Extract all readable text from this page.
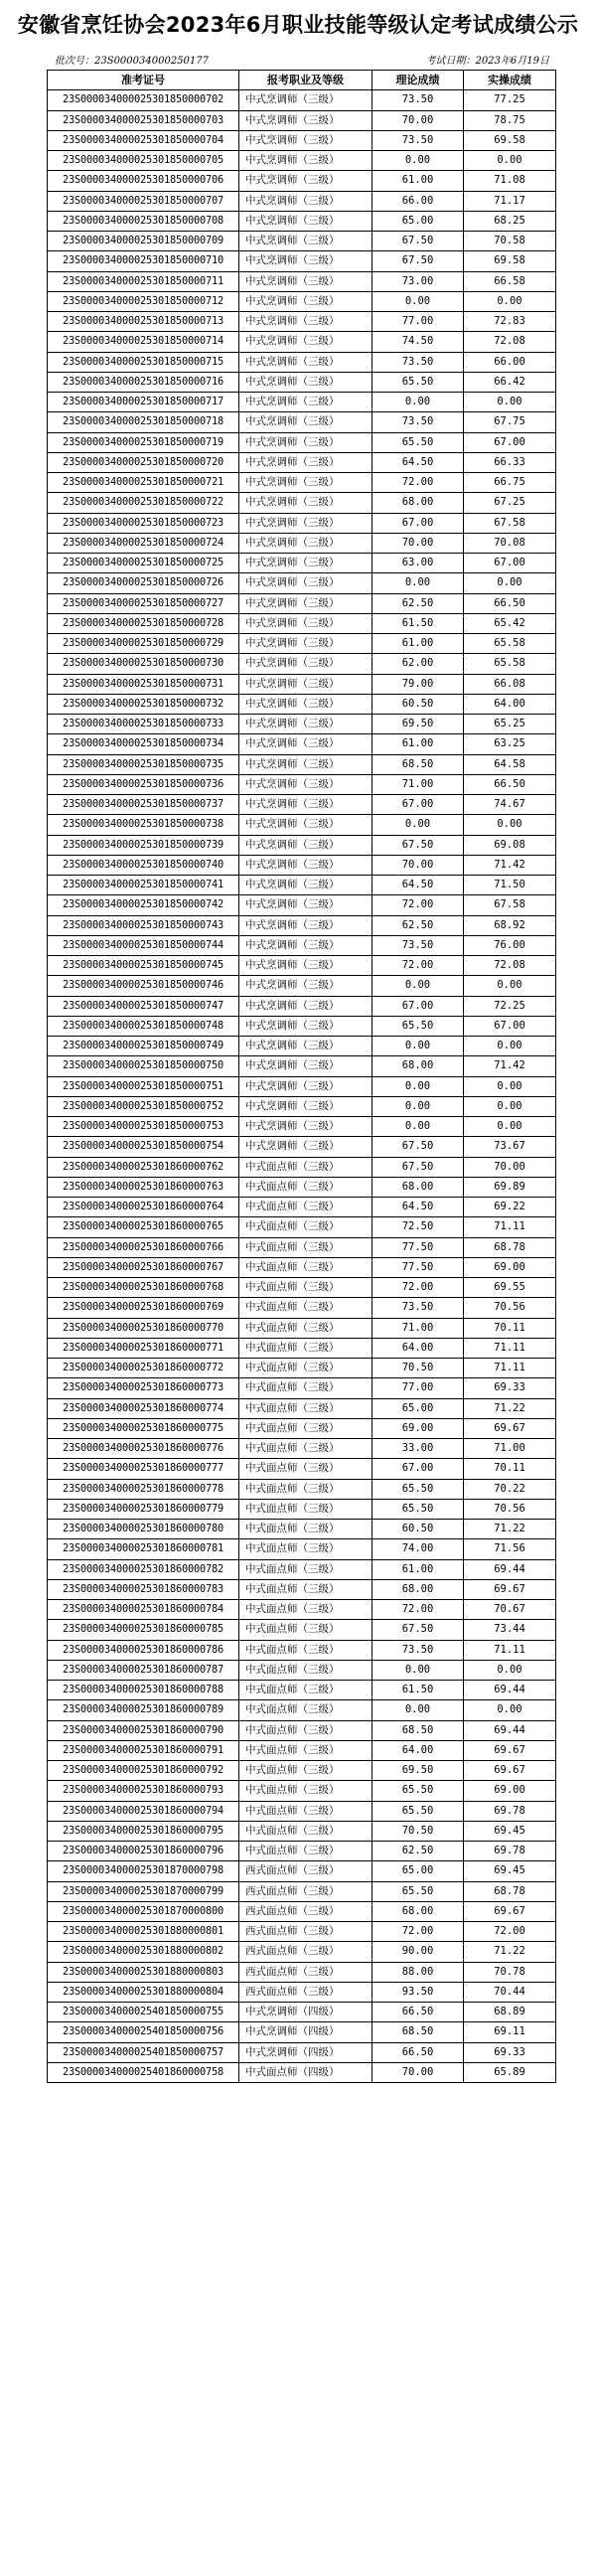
安徽省烹饪协会2023年6月职业技能等级认定考试成绩公示
批次号：23S000034000250177	考试日期：2023年6月19日
准考证号	报考职业及等级	理论成绩	实操成绩
23S000034000025301850000702	中式烹调师（三级）	73.50	77.25
23S000034000025301850000703	中式烹调师（三级）	70.00	78.75
23S000034000025301850000704	中式烹调师（三级）	73.50	69.58
23S000034000025301850000705	中式烹调师（三级）	0.00	0.00
23S000034000025301850000706	中式烹调师（三级）	61.00	71.08
23S000034000025301850000707	中式烹调师（三级）	66.00	71.17
23S000034000025301850000708	中式烹调师（三级）	65.00	68.25
23S000034000025301850000709	中式烹调师（三级）	67.50	70.58
23S000034000025301850000710	中式烹调师（三级）	67.50	69.58
23S000034000025301850000711	中式烹调师（三级）	73.00	66.58
23S000034000025301850000712	中式烹调师（三级）	0.00	0.00
23S000034000025301850000713	中式烹调师（三级）	77.00	72.83
23S000034000025301850000714	中式烹调师（三级）	74.50	72.08
23S000034000025301850000715	中式烹调师（三级）	73.50	66.00
23S000034000025301850000716	中式烹调师（三级）	65.50	66.42
23S000034000025301850000717	中式烹调师（三级）	0.00	0.00
23S000034000025301850000718	中式烹调师（三级）	73.50	67.75
23S000034000025301850000719	中式烹调师（三级）	65.50	67.00
23S000034000025301850000720	中式烹调师（三级）	64.50	66.33
23S000034000025301850000721	中式烹调师（三级）	72.00	66.75
23S000034000025301850000722	中式烹调师（三级）	68.00	67.25
23S000034000025301850000723	中式烹调师（三级）	67.00	67.58
23S000034000025301850000724	中式烹调师（三级）	70.00	70.08
23S000034000025301850000725	中式烹调师（三级）	63.00	67.00
23S000034000025301850000726	中式烹调师（三级）	0.00	0.00
23S000034000025301850000727	中式烹调师（三级）	62.50	66.50
23S000034000025301850000728	中式烹调师（三级）	61.50	65.42
23S000034000025301850000729	中式烹调师（三级）	61.00	65.58
23S000034000025301850000730	中式烹调师（三级）	62.00	65.58
23S000034000025301850000731	中式烹调师（三级）	79.00	66.08
23S000034000025301850000732	中式烹调师（三级）	60.50	64.00
23S000034000025301850000733	中式烹调师（三级）	69.50	65.25
23S000034000025301850000734	中式烹调师（三级）	61.00	63.25
23S000034000025301850000735	中式烹调师（三级）	68.50	64.58
23S000034000025301850000736	中式烹调师（三级）	71.00	66.50
23S000034000025301850000737	中式烹调师（三级）	67.00	74.67
23S000034000025301850000738	中式烹调师（三级）	0.00	0.00
23S000034000025301850000739	中式烹调师（三级）	67.50	69.08
23S000034000025301850000740	中式烹调师（三级）	70.00	71.42
23S000034000025301850000741	中式烹调师（三级）	64.50	71.50
23S000034000025301850000742	中式烹调师（三级）	72.00	67.58
23S000034000025301850000743	中式烹调师（三级）	62.50	68.92
23S000034000025301850000744	中式烹调师（三级）	73.50	76.00
23S000034000025301850000745	中式烹调师（三级）	72.00	72.08
23S000034000025301850000746	中式烹调师（三级）	0.00	0.00
23S000034000025301850000747	中式烹调师（三级）	67.00	72.25
23S000034000025301850000748	中式烹调师（三级）	65.50	67.00
23S000034000025301850000749	中式烹调师（三级）	0.00	0.00
23S000034000025301850000750	中式烹调师（三级）	68.00	71.42
23S000034000025301850000751	中式烹调师（三级）	0.00	0.00
23S000034000025301850000752	中式烹调师（三级）	0.00	0.00
23S000034000025301850000753	中式烹调师（三级）	0.00	0.00
23S000034000025301850000754	中式烹调师（三级）	67.50	73.67
23S000034000025301860000762	中式面点师（三级）	67.50	70.00
23S000034000025301860000763	中式面点师（三级）	68.00	69.89
23S000034000025301860000764	中式面点师（三级）	64.50	69.22
23S000034000025301860000765	中式面点师（三级）	72.50	71.11
23S000034000025301860000766	中式面点师（三级）	77.50	68.78
23S000034000025301860000767	中式面点师（三级）	77.50	69.00
23S000034000025301860000768	中式面点师（三级）	72.00	69.55
23S000034000025301860000769	中式面点师（三级）	73.50	70.56
23S000034000025301860000770	中式面点师（三级）	71.00	70.11
23S000034000025301860000771	中式面点师（三级）	64.00	71.11
23S000034000025301860000772	中式面点师（三级）	70.50	71.11
23S000034000025301860000773	中式面点师（三级）	77.00	69.33
23S000034000025301860000774	中式面点师（三级）	65.00	71.22
23S000034000025301860000775	中式面点师（三级）	69.00	69.67
23S000034000025301860000776	中式面点师（三级）	33.00	71.00
23S000034000025301860000777	中式面点师（三级）	67.00	70.11
23S000034000025301860000778	中式面点师（三级）	65.50	70.22
23S000034000025301860000779	中式面点师（三级）	65.50	70.56
23S000034000025301860000780	中式面点师（三级）	60.50	71.22
23S000034000025301860000781	中式面点师（三级）	74.00	71.56
23S000034000025301860000782	中式面点师（三级）	61.00	69.44
23S000034000025301860000783	中式面点师（三级）	68.00	69.67
23S000034000025301860000784	中式面点师（三级）	72.00	70.67
23S000034000025301860000785	中式面点师（三级）	67.50	73.44
23S000034000025301860000786	中式面点师（三级）	73.50	71.11
23S000034000025301860000787	中式面点师（三级）	0.00	0.00
23S000034000025301860000788	中式面点师（三级）	61.50	69.44
23S000034000025301860000789	中式面点师（三级）	0.00	0.00
23S000034000025301860000790	中式面点师（三级）	68.50	69.44
23S000034000025301860000791	中式面点师（三级）	64.00	69.67
23S000034000025301860000792	中式面点师（三级）	69.50	69.67
23S000034000025301860000793	中式面点师（三级）	65.50	69.00
23S000034000025301860000794	中式面点师（三级）	65.50	69.78
23S000034000025301860000795	中式面点师（三级）	70.50	69.45
23S000034000025301860000796	中式面点师（三级）	62.50	69.78
23S000034000025301870000798	西式面点师（三级）	65.00	69.45
23S000034000025301870000799	西式面点师（三级）	65.50	68.78
23S000034000025301870000800	西式面点师（三级）	68.00	69.67
23S000034000025301880000801	西式面点师（三级）	72.00	72.00
23S000034000025301880000802	西式面点师（三级）	90.00	71.22
23S000034000025301880000803	西式面点师（三级）	88.00	70.78
23S000034000025301880000804	西式面点师（三级）	93.50	70.44
23S000034000025401850000755	中式烹调师（四级）	66.50	68.89
23S000034000025401850000756	中式烹调师（四级）	68.50	69.11
23S000034000025401850000757	中式烹调师（四级）	66.50	69.33
23S000034000025401860000758	中式面点师（四级）	70.00	65.89
